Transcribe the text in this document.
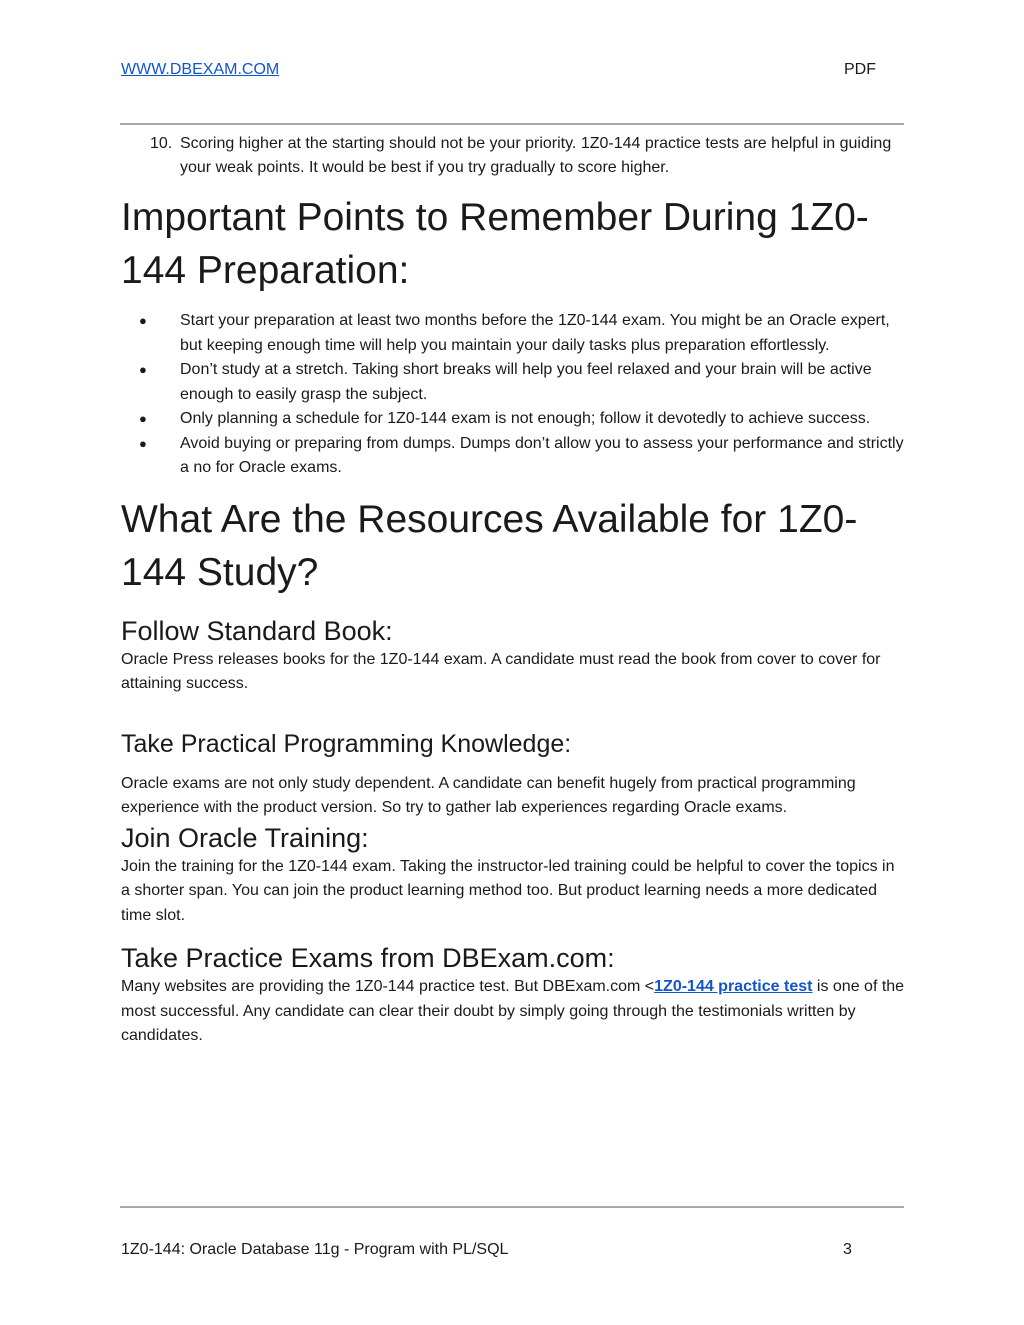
WWW.DBEXAM.COM	PDF
10. Scoring higher at the starting should not be your priority. 1Z0-144 practice tests are helpful in guiding your weak points. It would be best if you try gradually to score higher.
Important Points to Remember During 1Z0-144 Preparation:
● Start your preparation at least two months before the 1Z0-144 exam. You might be an Oracle expert, but keeping enough time will help you maintain your daily tasks plus preparation effortlessly.
● Don’t study at a stretch. Taking short breaks will help you feel relaxed and your brain will be active enough to easily grasp the subject.
● Only planning a schedule for 1Z0-144 exam is not enough; follow it devotedly to achieve success.
● Avoid buying or preparing from dumps. Dumps don’t allow you to assess your performance and strictly a no for Oracle exams.
What Are the Resources Available for 1Z0-144 Study?
Follow Standard Book:

Oracle Press releases books for the 1Z0-144 exam. A candidate must read the book from cover to cover for attaining success.

Take Practical Programming Knowledge:

Oracle exams are not only study dependent. A candidate can benefit hugely from practical programming experience with the product version. So try to gather lab experiences regarding Oracle exams.

Join Oracle Training:

Join the training for the 1Z0-144 exam. Taking the instructor-led training could be helpful to cover the topics in a shorter span. You can join the product learning method too. But product learning needs a more dedicated time slot.

Take Practice Exams from DBExam.com:

Many websites are providing the 1Z0-144 practice test. But DBExam.com <1Z0-144 practice test is one of the most successful. Any candidate can clear their doubt by simply going through the testimonials written by candidates.

1Z0-144: Oracle Database 11g - Program with PL/SQL	3
